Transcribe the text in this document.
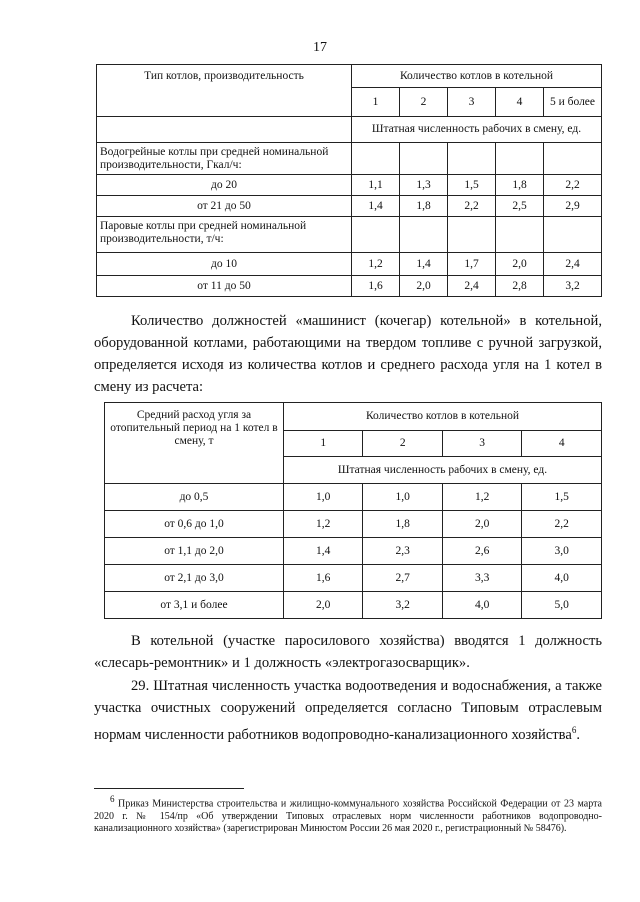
17
Тип котлов, производительность	Количество котлов в котельной				
	1	2	3	4	5 и более
	Штатная численность рабочих в смену, ед.				
Водогрейные котлы при средней номинальной производительности, Гкал/ч:					
до 20	1,1	1,3	1,5	1,8	2,2
от 21 до 50	1,4	1,8	2,2	2,5	2,9
Паровые котлы при средней номинальной производительности, т/ч:					
до 10	1,2	1,4	1,7	2,0	2,4
от 11 до 50	1,6	2,0	2,4	2,8	3,2

Количество должностей «машинист (кочегар) котельной» в котельной, оборудованной котлами, работающими на твердом топливе с ручной загрузкой, определяется исходя из количества котлов и среднего расхода угля на 1 котел в смену из расчета:

Средний расход угля за отопительный период на 1 котел в смену, т	Количество котлов в котельной			
	1	2	3	4
	Штатная численность рабочих в смену, ед.			
до 0,5	1,0	1,0	1,2	1,5
от 0,6 до 1,0	1,2	1,8	2,0	2,2
от 1,1 до 2,0	1,4	2,3	2,6	3,0
от 2,1 до 3,0	1,6	2,7	3,3	4,0
от 3,1 и более	2,0	3,2	4,0	5,0

В котельной (участке паросилового хозяйства) вводятся 1 должность «слесарь-ремонтник» и 1 должность «электрогазосварщик».

29. Штатная численность участка водоотведения и водоснабжения, а также участка очистных сооружений определяется согласно Типовым отраслевым нормам численности работников водопроводно-канализационного хозяйства$^6$.

$^6$ Приказ Министерства строительства и жилищно-коммунального хозяйства Российской Федерации от 23 марта 2020 г. № 154/пр «Об утверждении Типовых отраслевых норм численности работников водопроводно-канализационного хозяйства» (зарегистрирован Минюстом России 26 мая 2020 г., регистрационный № 58476).
